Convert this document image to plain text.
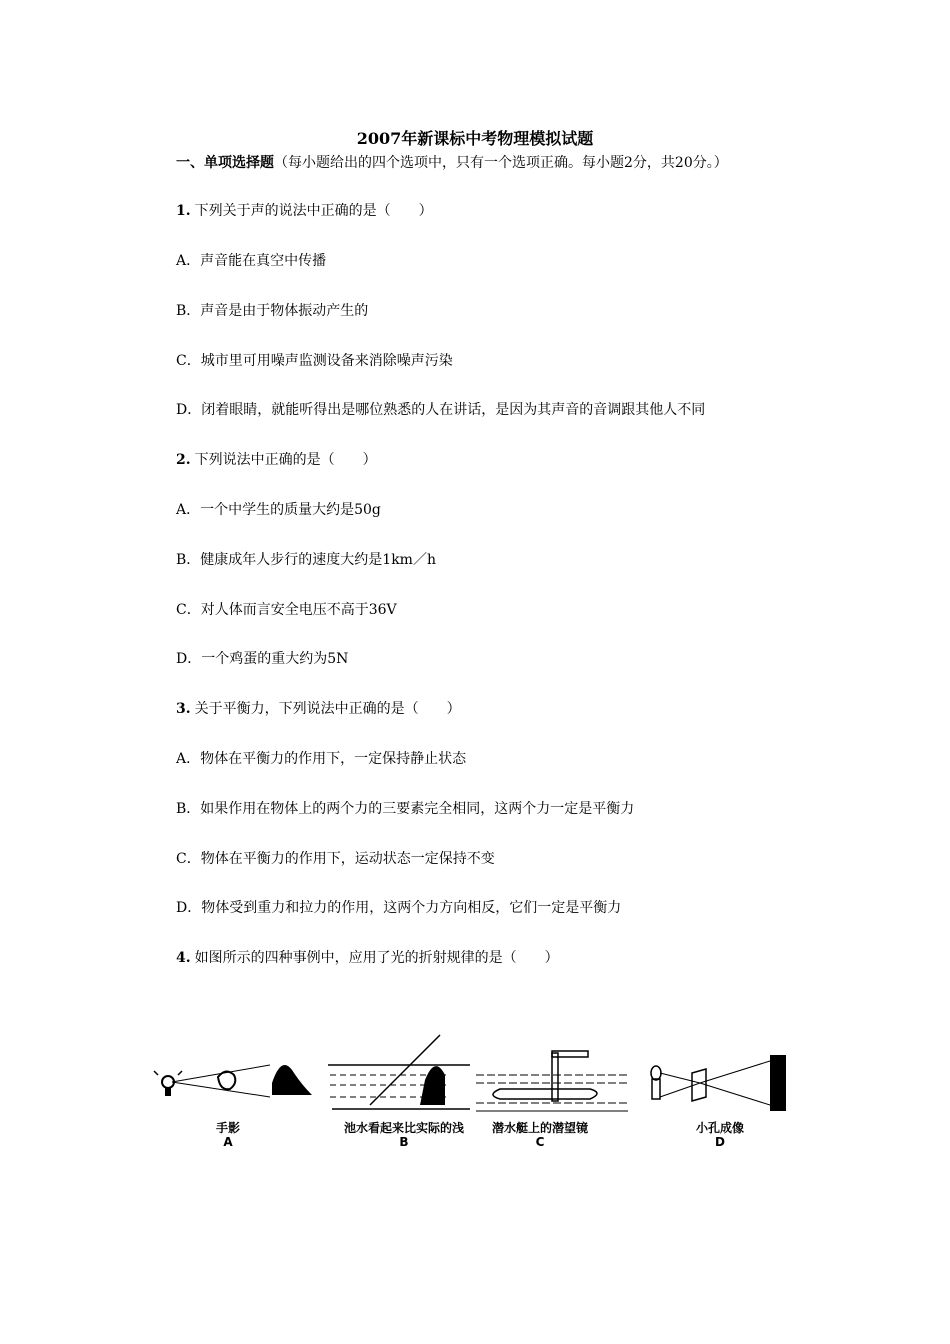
2007年新课标中考物理模拟试题
一、单项选择题（每小题给出的四个选项中，只有一个选项正确。每小题2分，共20分。）
1. 下列关于声的说法中正确的是（　　）
A．声音能在真空中传播
B．声音是由于物体振动产生的
C．城市里可用噪声监测设备来消除噪声污染
D．闭着眼睛，就能听得出是哪位熟悉的人在讲话，是因为其声音的音调跟其他人不同
2. 下列说法中正确的是（　　）
A．一个中学生的质量大约是50g
B．健康成年人步行的速度大约是1km／h
C．对人体而言安全电压不高于36V
D．一个鸡蛋的重大约为5N
3. 关于平衡力，下列说法中正确的是（　　）
A．物体在平衡力的作用下，一定保持静止状态
B．如果作用在物体上的两个力的三要素完全相同，这两个力一定是平衡力
C．物体在平衡力的作用下，运动状态一定保持不变
D．物体受到重力和拉力的作用，这两个力方向相反，它们一定是平衡力
4. 如图所示的四种事例中，应用了光的折射规律的是（　　）
手影
A
池水看起来比实际的浅
B
潜水艇上的潜望镜
C
小孔成像
D
